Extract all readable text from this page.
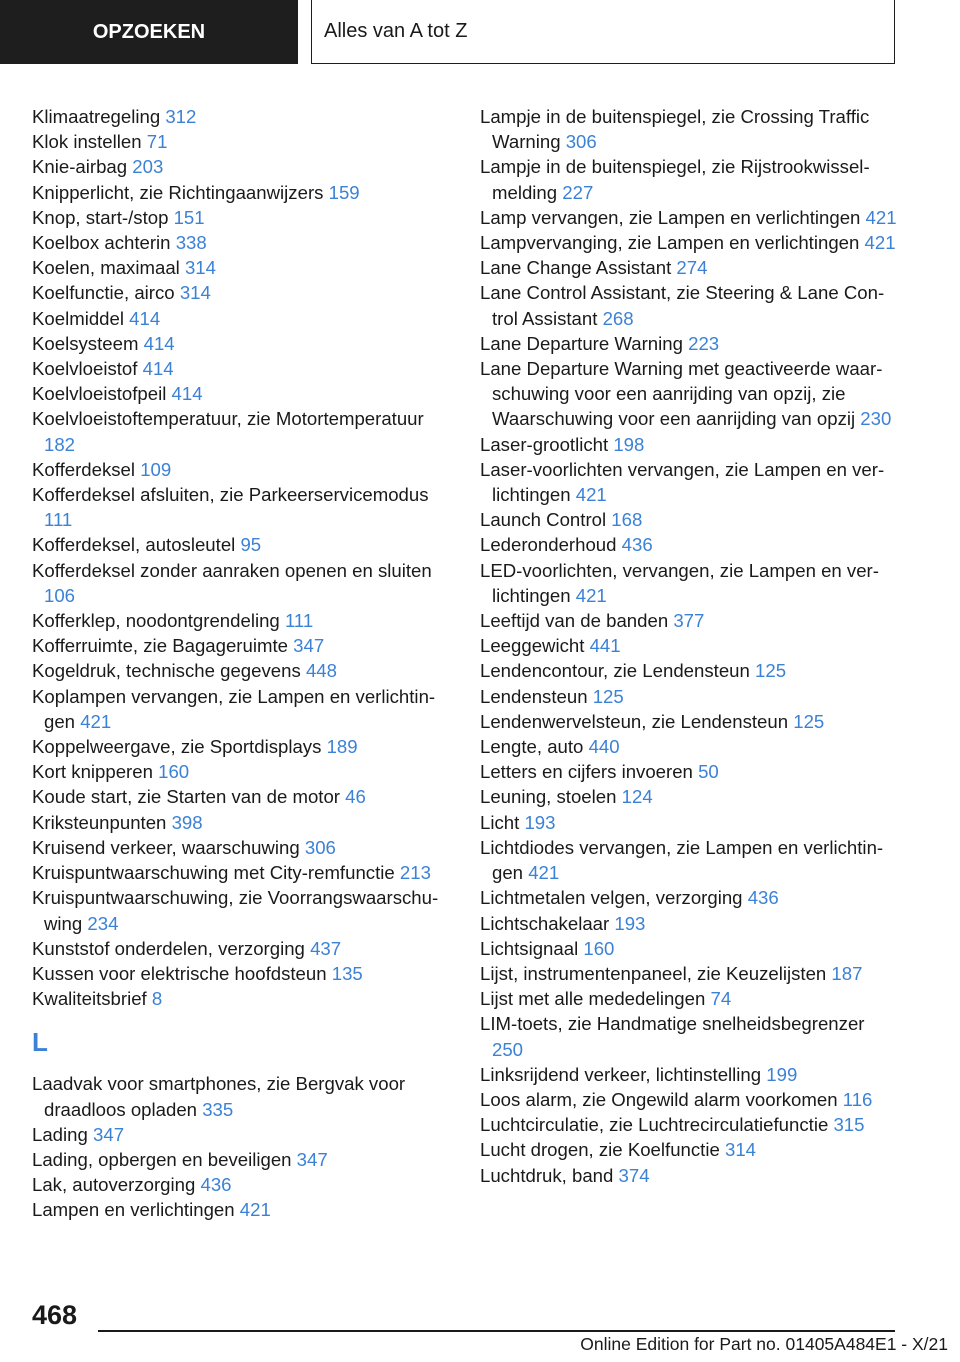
OPZOEKEN	Alles van A tot Z

Klimaatregeling 312

Klok instellen 71

Knie-airbag 203

Knipperlicht, zie Richtingaanwijzers 159

Knop, start-/stop 151

Koelbox achterin 338

Koelen, maximaal 314

Koelfunctie, airco 314

Koelmiddel 414

Koelsysteem 414

Koelvloeistof 414

Koelvloeistofpeil 414

Koelvloeistoftemperatuur, zie Motortemperatuur 182

Kofferdeksel 109

Kofferdeksel afsluiten, zie Parkeerservicemodus 111

Kofferdeksel, autosleutel 95

Kofferdeksel zonder aanraken openen en sluiten 106

Kofferklep, noodontgrendeling 111

Kofferruimte, zie Bagageruimte 347

Kogeldruk, technische gegevens 448

Koplampen vervangen, zie Lampen en verlichtingen 421

Koppelweergave, zie Sportdisplays 189

Kort knipperen 160

Koude start, zie Starten van de motor 46

Kriksteunpunten 398

Kruisend verkeer, waarschuwing 306

Kruispuntwaarschuwing met City-remfunctie 213

Kruispuntwaarschuwing, zie Voorrangswaarschuwing 234

Kunststof onderdelen, verzorging 437

Kussen voor elektrische hoofdsteun 135

Kwaliteitsbrief 8

L

Laadvak voor smartphones, zie Bergvak voor draadloos opladen 335

Lading 347

Lading, opbergen en beveiligen 347

Lak, autoverzorging 436

Lampen en verlichtingen 421

Lampje in de buitenspiegel, zie Crossing Traffic Warning 306

Lampje in de buitenspiegel, zie Rijstrookwisselmelding 227

Lamp vervangen, zie Lampen en verlichtingen 421

Lampvervanging, zie Lampen en verlichtingen 421

Lane Change Assistant 274

Lane Control Assistant, zie Steering & Lane Control Assistant 268

Lane Departure Warning 223

Lane Departure Warning met geactiveerde waarschuwing voor een aanrijding van opzij, zie Waarschuwing voor een aanrijding van opzij 230

Laser-grootlicht 198

Laser-voorlichten vervangen, zie Lampen en verlichtingen 421

Launch Control 168

Lederonderhoud 436

LED-voorlichten, vervangen, zie Lampen en verlichtingen 421

Leeftijd van de banden 377

Leeggewicht 441

Lendencontour, zie Lendensteun 125

Lendensteun 125

Lendenwervelsteun, zie Lendensteun 125

Lengte, auto 440

Letters en cijfers invoeren 50

Leuning, stoelen 124

Licht 193

Lichtdiodes vervangen, zie Lampen en verlichtingen 421

Lichtmetalen velgen, verzorging 436

Lichtschakelaar 193

Lichtsignaal 160

Lijst, instrumentenpaneel, zie Keuzelijsten 187

Lijst met alle mededelingen 74

LIM-toets, zie Handmatige snelheidsbegrenzer 250

Linksrijdend verkeer, lichtinstelling 199

Loos alarm, zie Ongewild alarm voorkomen 116

Luchtcirculatie, zie Luchtrecirculatiefunctie 315

Lucht drogen, zie Koelfunctie 314

Luchtdruk, band 374

468
Online Edition for Part no. 01405A484E1 - X/21
